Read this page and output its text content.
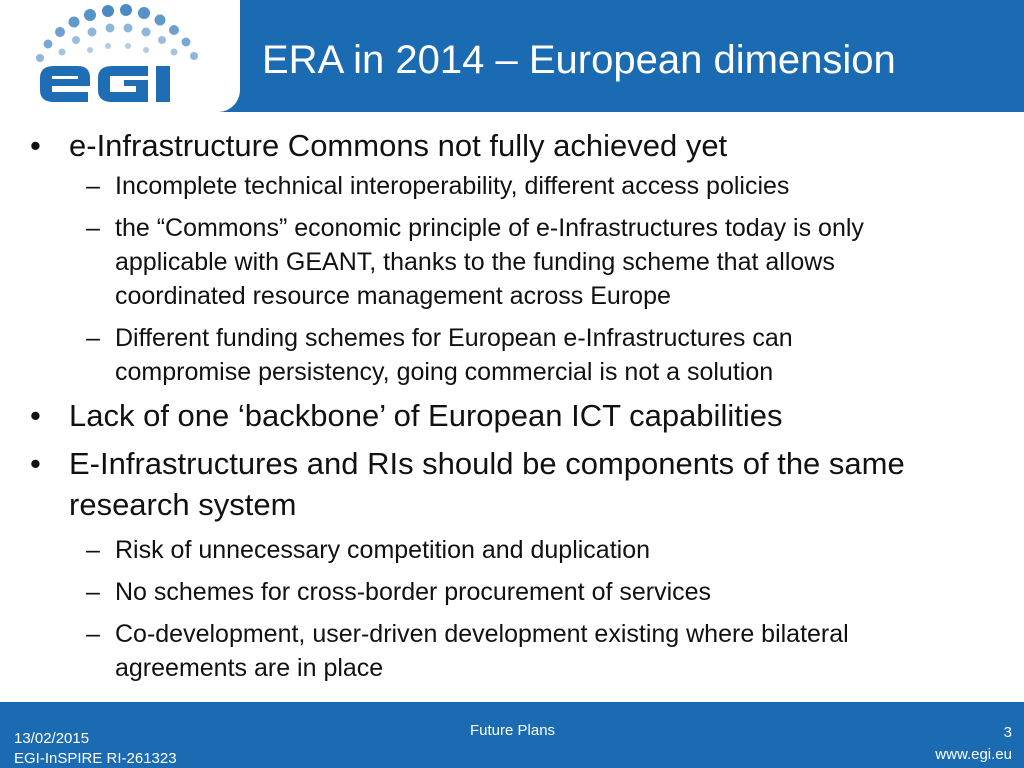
ERA in 2014 – European dimension
• e-Infrastructure Commons not fully achieved yet
– Incomplete technical interoperability, different access policies
– the “Commons” economic principle of e-Infrastructures today is only
applicable with GEANT, thanks to the funding scheme that allows
coordinated resource management across Europe
– Different funding schemes for European e-Infrastructures can
compromise persistency, going commercial is not a solution
• Lack of one ‘backbone’ of European ICT capabilities
• E-Infrastructures and RIs should be components of the same
research system
– Risk of unnecessary competition and duplication
– No schemes for cross-border procurement of services
– Co-development, user-driven development existing where bilateral
agreements are in place
13/02/2015
EGI-InSPIRE RI-261323
Future Plans	3
www.egi.eu
